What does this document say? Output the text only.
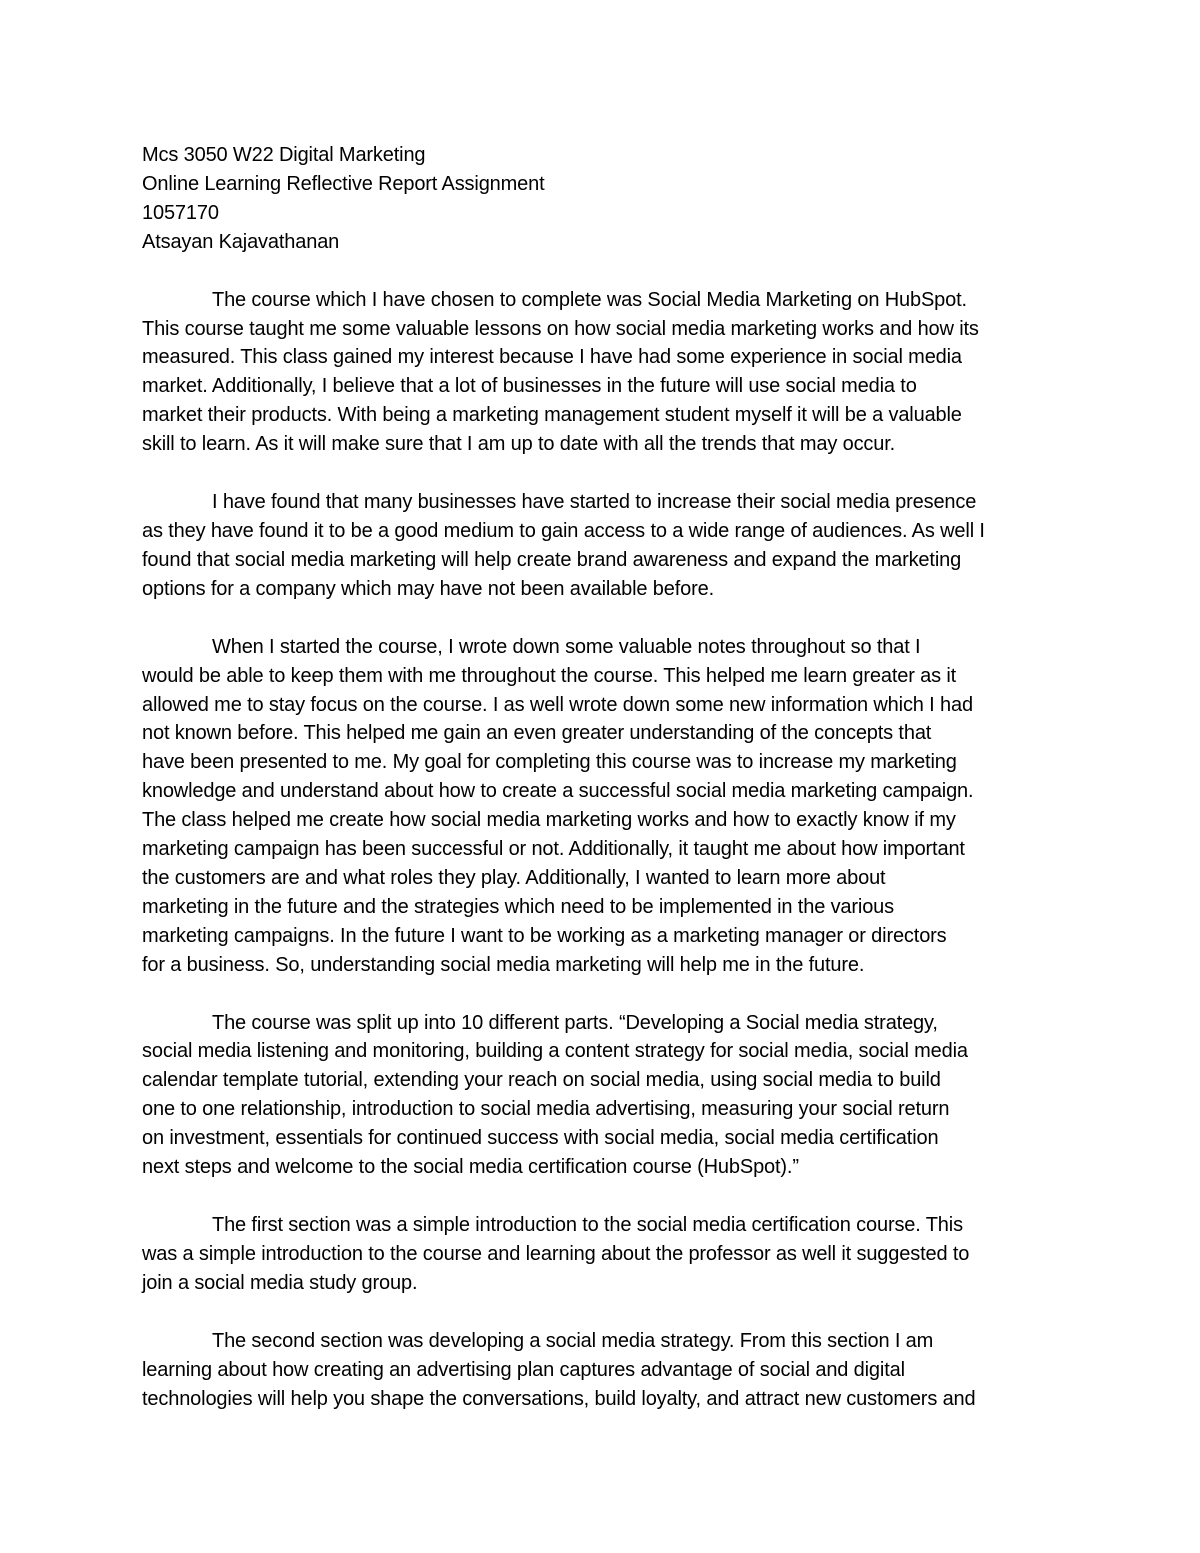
Mcs 3050 W22 Digital Marketing
Online Learning Reflective Report Assignment
1057170
Atsayan Kajavathanan
The course which I have chosen to complete was Social Media Marketing on HubSpot.
This course taught me some valuable lessons on how social media marketing works and how its
measured. This class gained my interest because I have had some experience in social media
market. Additionally, I believe that a lot of businesses in the future will use social media to
market their products. With being a marketing management student myself it will be a valuable
skill to learn. As it will make sure that I am up to date with all the trends that may occur.
I have found that many businesses have started to increase their social media presence
as they have found it to be a good medium to gain access to a wide range of audiences. As well I
found that social media marketing will help create brand awareness and expand the marketing
options for a company which may have not been available before.
When I started the course, I wrote down some valuable notes throughout so that I
would be able to keep them with me throughout the course. This helped me learn greater as it
allowed me to stay focus on the course. I as well wrote down some new information which I had
not known before. This helped me gain an even greater understanding of the concepts that
have been presented to me. My goal for completing this course was to increase my marketing
knowledge and understand about how to create a successful social media marketing campaign.
The class helped me create how social media marketing works and how to exactly know if my
marketing campaign has been successful or not. Additionally, it taught me about how important
the customers are and what roles they play. Additionally, I wanted to learn more about
marketing in the future and the strategies which need to be implemented in the various
marketing campaigns. In the future I want to be working as a marketing manager or directors
for a business. So, understanding social media marketing will help me in the future.
The course was split up into 10 different parts. “Developing a Social media strategy,
social media listening and monitoring, building a content strategy for social media, social media
calendar template tutorial, extending your reach on social media, using social media to build
one to one relationship, introduction to social media advertising, measuring your social return
on investment, essentials for continued success with social media, social media certification
next steps and welcome to the social media certification course (HubSpot).”
The first section was a simple introduction to the social media certification course. This
was a simple introduction to the course and learning about the professor as well it suggested to
join a social media study group.
The second section was developing a social media strategy. From this section I am
learning about how creating an advertising plan captures advantage of social and digital
technologies will help you shape the conversations, build loyalty, and attract new customers and
